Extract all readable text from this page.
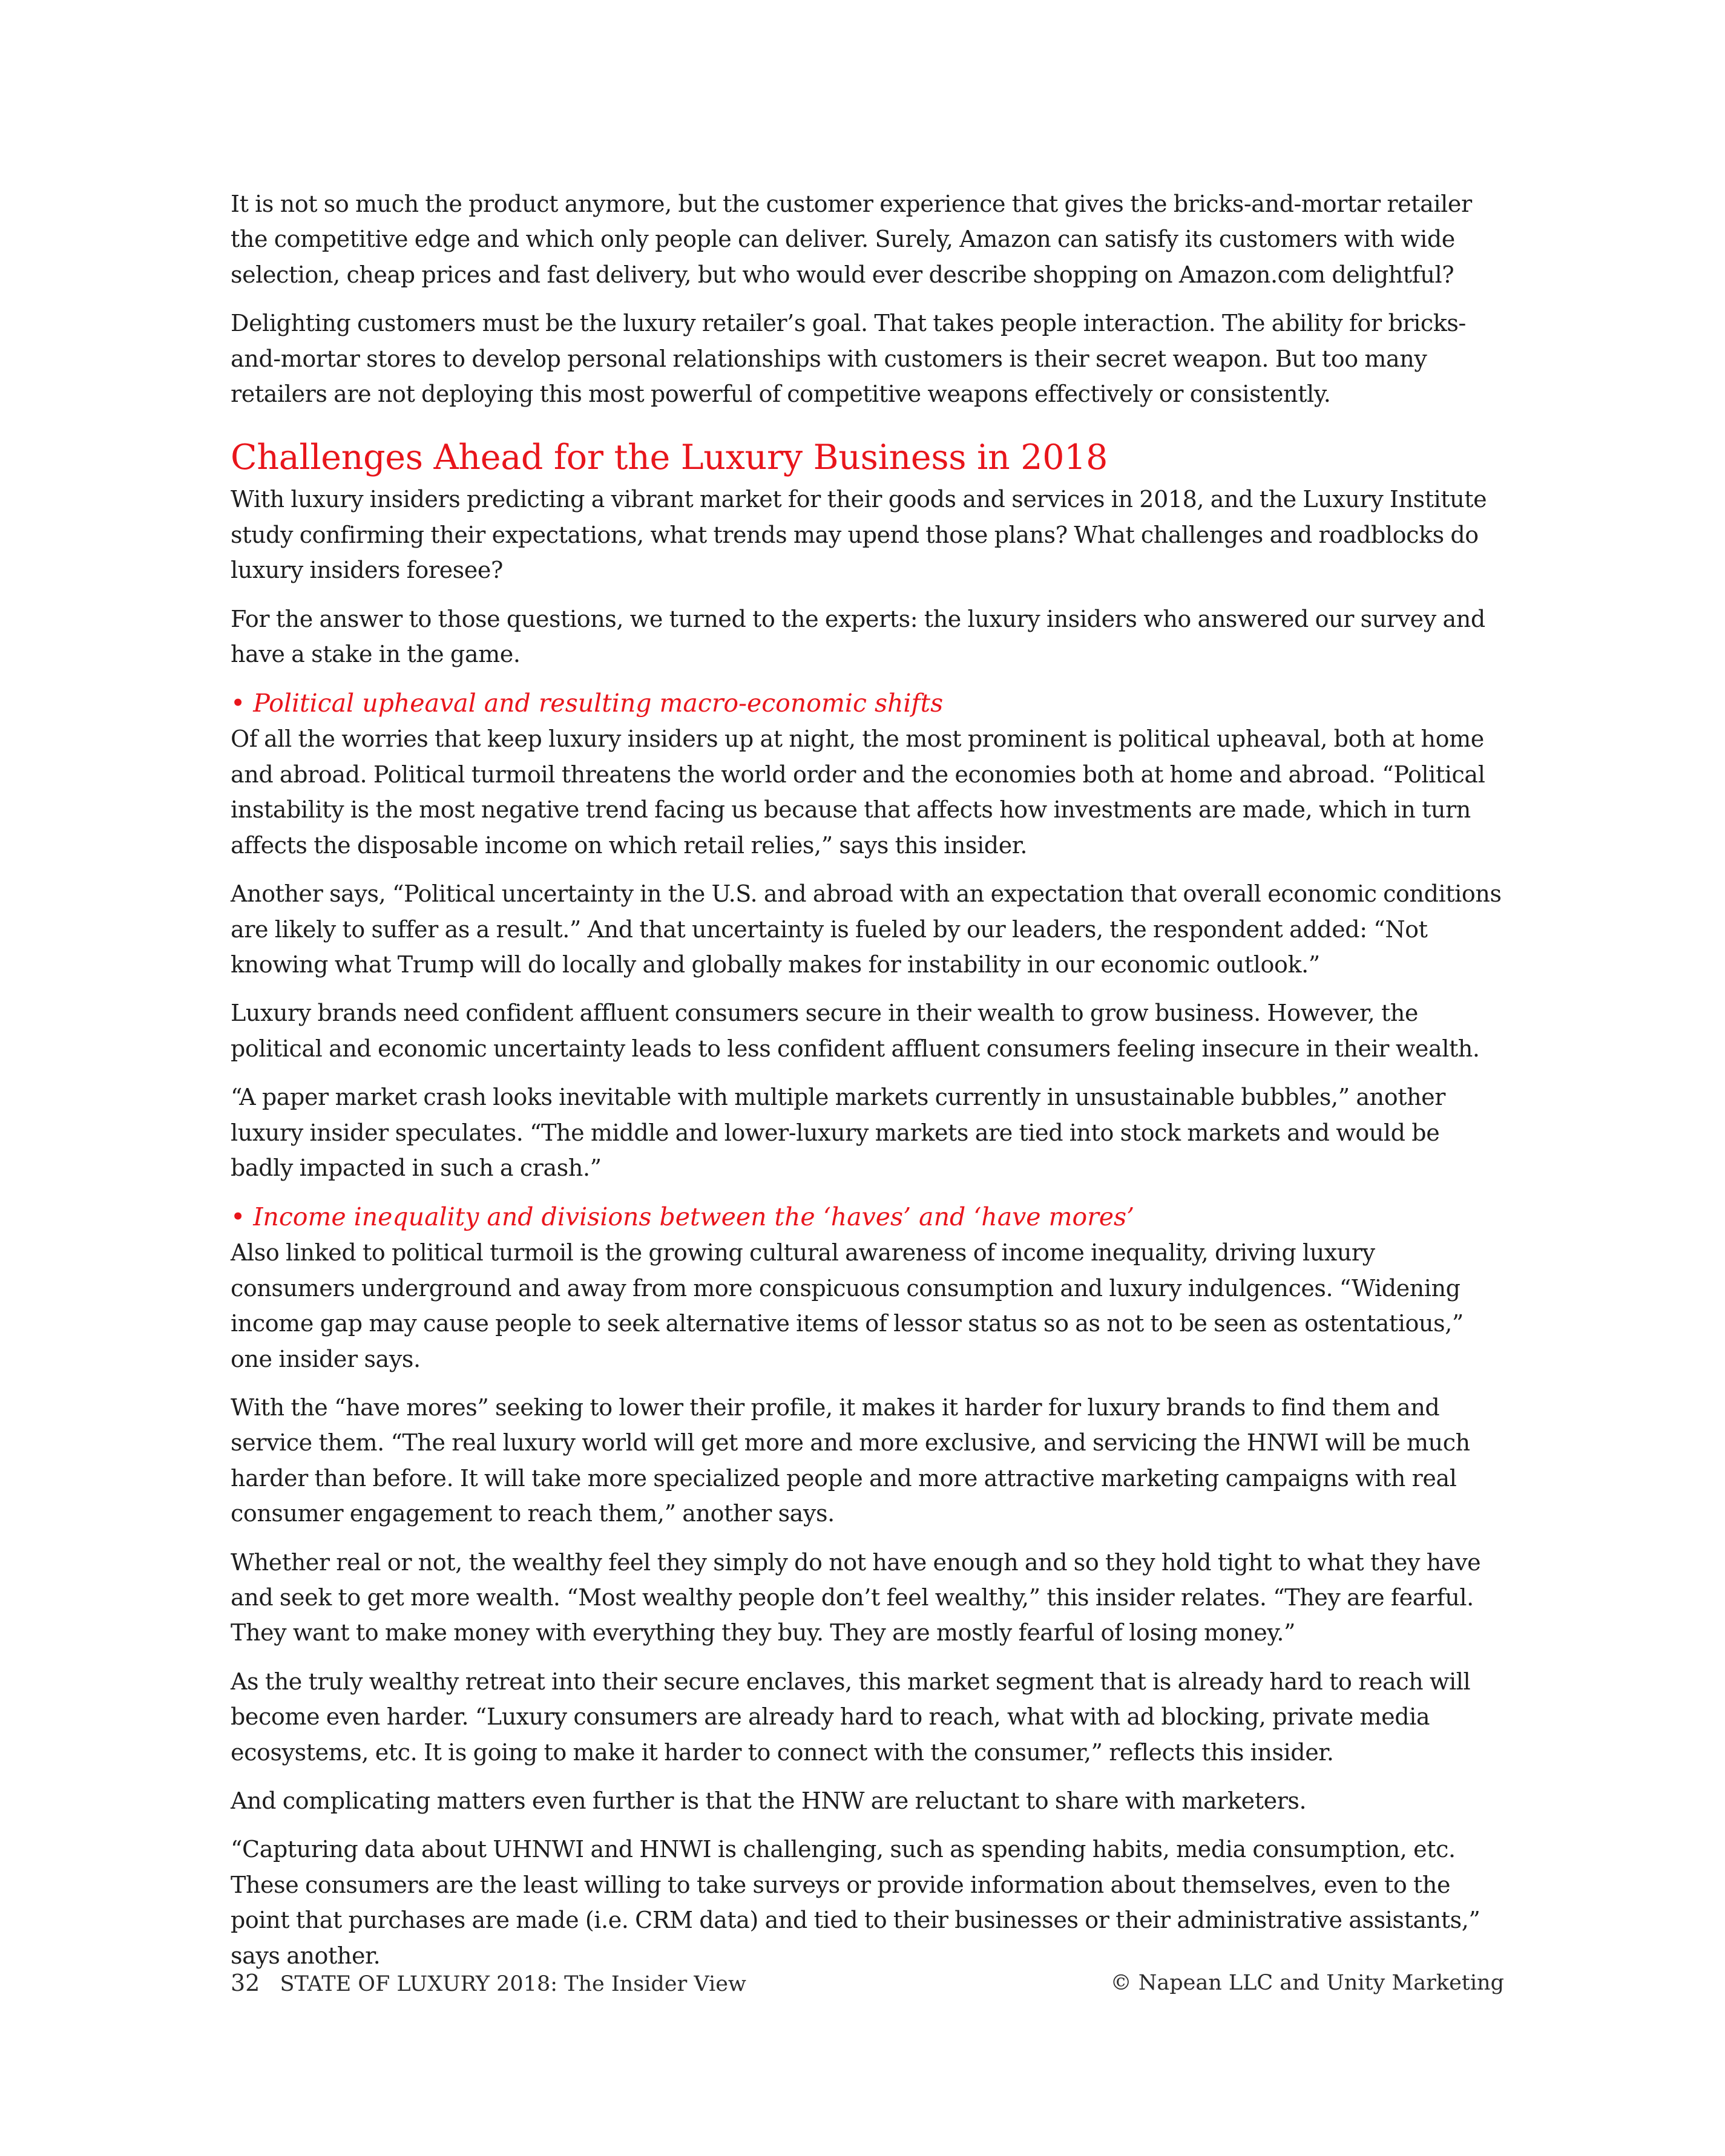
It is not so much the product anymore, but the customer experience that gives the bricks-and-mortar retailer the competitive edge and which only people can deliver. Surely, Amazon can satisfy its customers with wide selection, cheap prices and fast delivery, but who would ever describe shopping on Amazon.com delightful?

Delighting customers must be the luxury retailer’s goal. That takes people interaction. The ability for bricks-and-mortar stores to develop personal relationships with customers is their secret weapon. But too many retailers are not deploying this most powerful of competitive weapons effectively or consistently.

Challenges Ahead for the Luxury Business in 2018

With luxury insiders predicting a vibrant market for their goods and services in 2018, and the Luxury Institute study confirming their expectations, what trends may upend those plans? What challenges and roadblocks do luxury insiders foresee?

For the answer to those questions, we turned to the experts: the luxury insiders who answered our survey and have a stake in the game.

• Political upheaval and resulting macro-economic shifts

Of all the worries that keep luxury insiders up at night, the most prominent is political upheaval, both at home and abroad. Political turmoil threatens the world order and the economies both at home and abroad. “Political instability is the most negative trend facing us because that affects how investments are made, which in turn affects the disposable income on which retail relies,” says this insider.

Another says, “Political uncertainty in the U.S. and abroad with an expectation that overall economic conditions are likely to suffer as a result.” And that uncertainty is fueled by our leaders, the respondent added: “Not knowing what Trump will do locally and globally makes for instability in our economic outlook.”

Luxury brands need confident affluent consumers secure in their wealth to grow business. However, the political and economic uncertainty leads to less confident affluent consumers feeling insecure in their wealth.

“A paper market crash looks inevitable with multiple markets currently in unsustainable bubbles,” another luxury insider speculates. “The middle and lower-luxury markets are tied into stock markets and would be badly impacted in such a crash.”

• Income inequality and divisions between the ‘haves’ and ‘have mores’

Also linked to political turmoil is the growing cultural awareness of income inequality, driving luxury consumers underground and away from more conspicuous consumption and luxury indulgences. “Widening income gap may cause people to seek alternative items of lessor status so as not to be seen as ostentatious,” one insider says.

With the “have mores” seeking to lower their profile, it makes it harder for luxury brands to find them and service them. “The real luxury world will get more and more exclusive, and servicing the HNWI will be much harder than before. It will take more specialized people and more attractive marketing campaigns with real consumer engagement to reach them,” another says.

Whether real or not, the wealthy feel they simply do not have enough and so they hold tight to what they have and seek to get more wealth. “Most wealthy people don’t feel wealthy,” this insider relates. “They are fearful. They want to make money with everything they buy. They are mostly fearful of losing money.”

As the truly wealthy retreat into their secure enclaves, this market segment that is already hard to reach will become even harder. “Luxury consumers are already hard to reach, what with ad blocking, private media ecosystems, etc. It is going to make it harder to connect with the consumer,” reflects this insider.

And complicating matters even further is that the HNW are reluctant to share with marketers.

“Capturing data about UHNWI and HNWI is challenging, such as spending habits, media consumption, etc. These consumers are the least willing to take surveys or provide information about themselves, even to the point that purchases are made (i.e. CRM data) and tied to their businesses or their administrative assistants,” says another.

32 STATE OF LUXURY 2018: The Insider View	© Napean LLC and Unity Marketing
